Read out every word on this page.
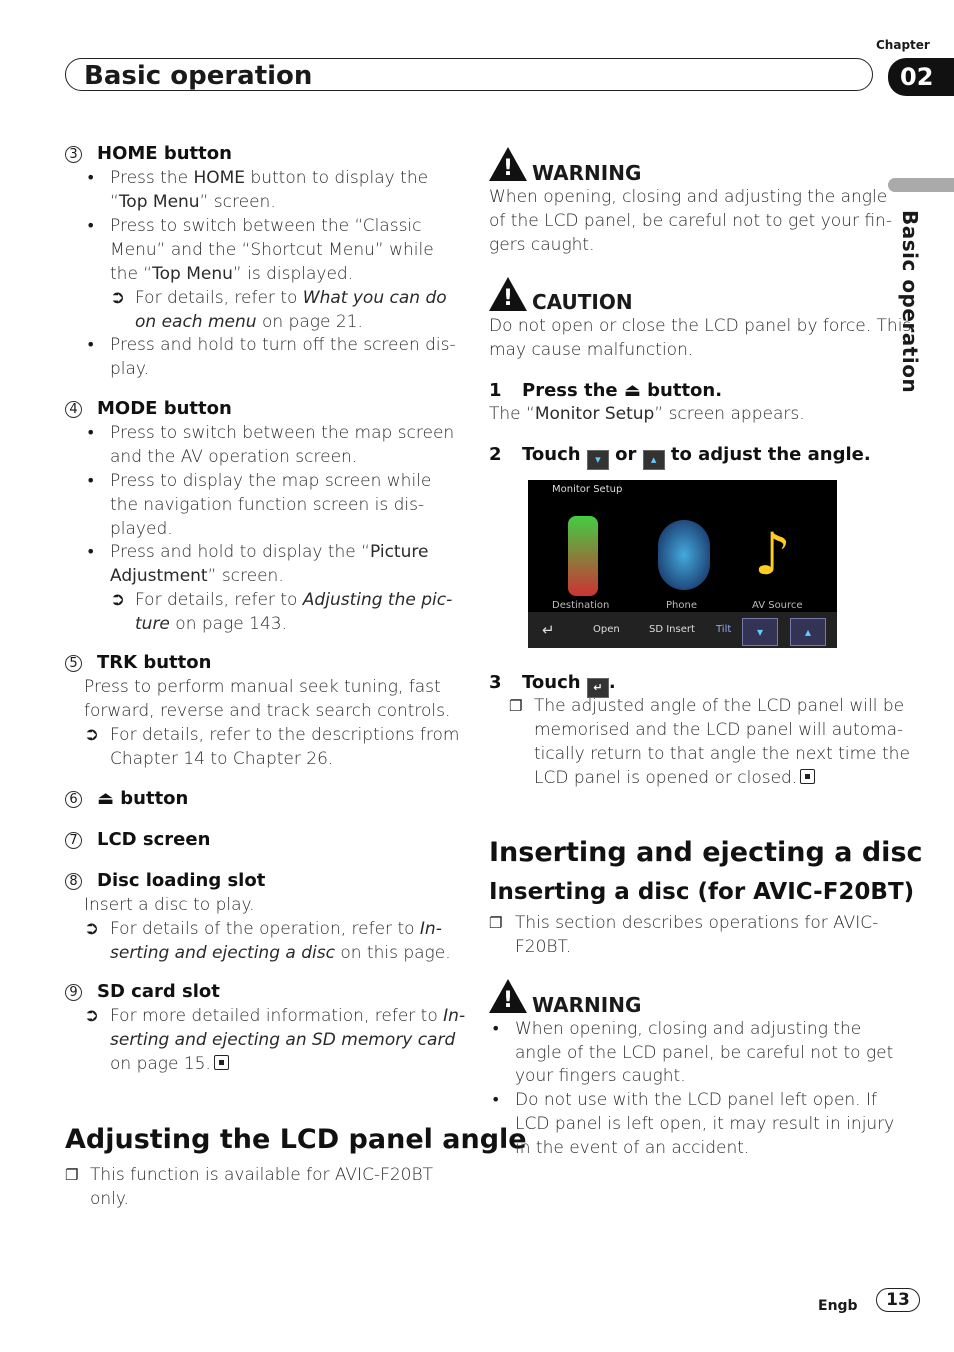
Basic operation
Chapter
02
Basic operation
3 HOME button
• Press the HOME button to display the
“Top Menu” screen.
• Press to switch between the “Classic
Menu” and the “Shortcut Menu” while
the “Top Menu” is displayed.
➲ For details, refer to What you can do
on each menu on page 21.
• Press and hold to turn off the screen dis-
play.
4 MODE button
• Press to switch between the map screen
and the AV operation screen.
• Press to display the map screen while
the navigation function screen is dis-
played.
• Press and hold to display the “Picture
Adjustment” screen.
➲ For details, refer to Adjusting the pic-
ture on page 143.
5 TRK button
Press to perform manual seek tuning, fast
forward, reverse and track search controls.
➲ For details, refer to the descriptions from
Chapter 14 to Chapter 26.
6 ⏏ button
7 LCD screen
8 Disc loading slot
Insert a disc to play.
➲ For details of the operation, refer to In-
serting and ejecting a disc on this page.
9 SD card slot
➲ For more detailed information, refer to In-
serting and ejecting an SD memory card
on page 15.
Adjusting the LCD panel angle
❐ This function is available for AVIC-F20BT
only.
! WARNING
When opening, closing and adjusting the angle
of the LCD panel, be careful not to get your fin-
gers caught.
! CAUTION
Do not open or close the LCD panel by force. This
may cause malfunction.
1 Press the ⏏ button.
The “Monitor Setup” screen appears.
2 Touch ▾ or ▴ to adjust the angle.
Monitor Setup
♪
Destination	Phone	AV Source
↵	Open	SD Insert Tilt	▾	▴
3 Touch ↵ .
❐ The adjusted angle of the LCD panel will be
memorised and the LCD panel will automa-
tically return to that angle the next time the
LCD panel is opened or closed.
Inserting and ejecting a disc
Inserting a disc (for AVIC-F20BT)
❐ This section describes operations for AVIC-
F20BT.
! WARNING
• When opening, closing and adjusting the
angle of the LCD panel, be careful not to get
your fingers caught.
• Do not use with the LCD panel left open. If
LCD panel is left open, it may result in injury
in the event of an accident.
Engb	13
